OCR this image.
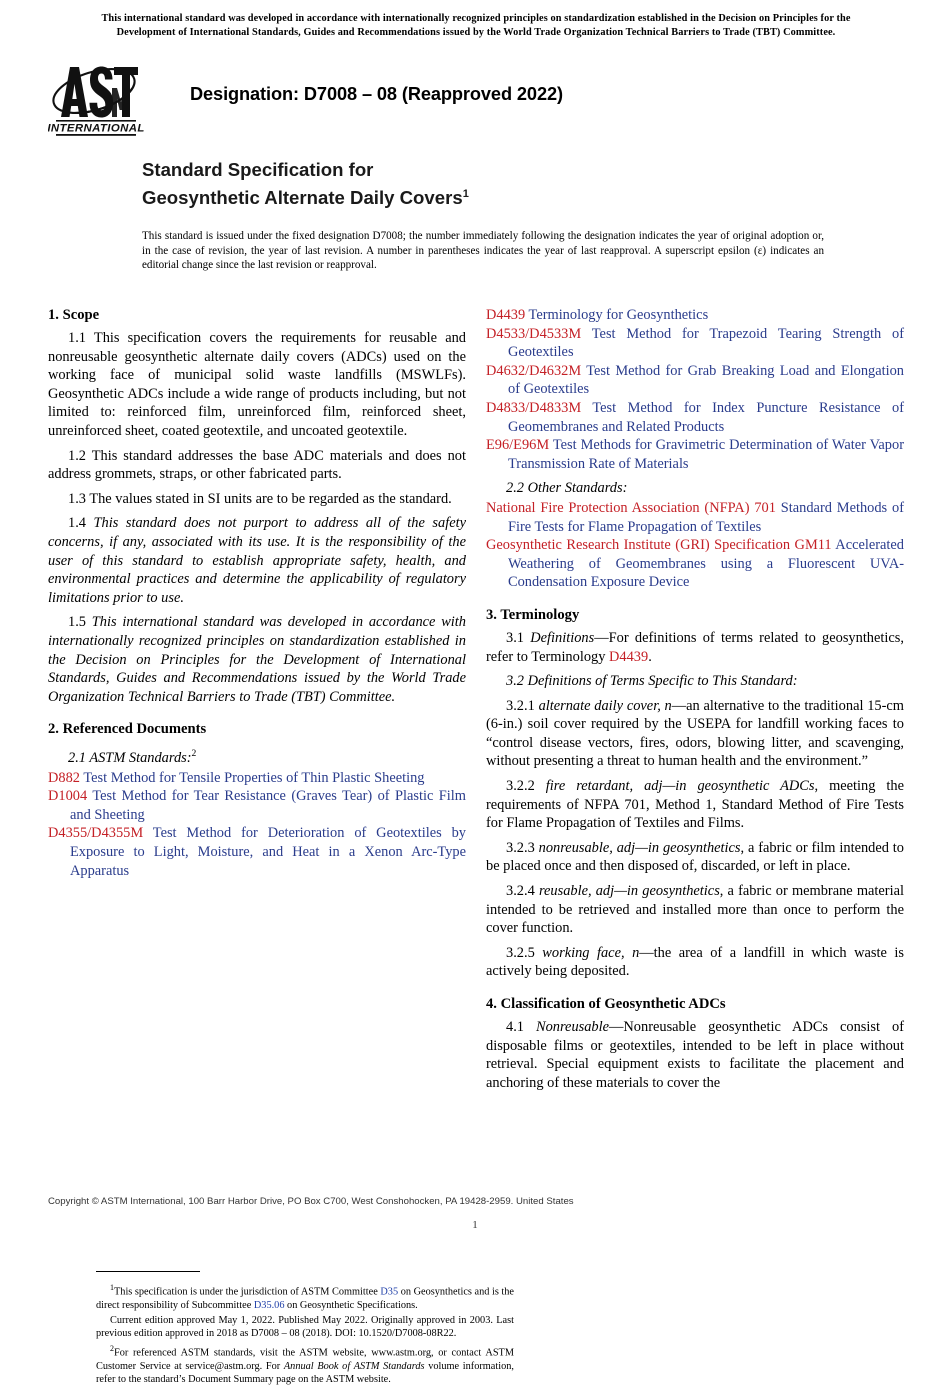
This international standard was developed in accordance with internationally recognized principles on standardization established in the Decision on Principles for the
Development of International Standards, Guides and Recommendations issued by the World Trade Organization Technical Barriers to Trade (TBT) Committee.
INTERNATIONAL
Designation: D7008 – 08 (Reapproved 2022)
Standard Specification for
Geosynthetic Alternate Daily Covers$^1$
This standard is issued under the fixed designation D7008; the number immediately following the designation indicates the year of original adoption or, in the case of revision, the year of last revision. A number in parentheses indicates the year of last reapproval. A superscript epsilon (ε) indicates an editorial change since the last revision or reapproval.
1. Scope

1.1 This specification covers the requirements for reusable and nonreusable geosynthetic alternate daily covers (ADCs) used on the working face of municipal solid waste landfills (MSWLFs). Geosynthetic ADCs include a wide range of products including, but not limited to: reinforced film, unreinforced film, reinforced sheet, unreinforced sheet, coated geotextile, and uncoated geotextile.

1.2 This standard addresses the base ADC materials and does not address grommets, straps, or other fabricated parts.

1.3 The values stated in SI units are to be regarded as the standard.

1.4 This standard does not purport to address all of the safety concerns, if any, associated with its use. It is the responsibility of the user of this standard to establish appropriate safety, health, and environmental practices and determine the applicability of regulatory limitations prior to use.

1.5 This international standard was developed in accordance with internationally recognized principles on standardization established in the Decision on Principles for the Development of International Standards, Guides and Recommendations issued by the World Trade Organization Technical Barriers to Trade (TBT) Committee.

2. Referenced Documents

2.1 ASTM Standards:$^2$

D882 Test Method for Tensile Properties of Thin Plastic Sheeting

D1004 Test Method for Tear Resistance (Graves Tear) of Plastic Film and Sheeting

D4355/D4355M Test Method for Deterioration of Geotextiles by Exposure to Light, Moisture, and Heat in a Xenon Arc-Type Apparatus

$^1$This specification is under the jurisdiction of ASTM Committee D35 on Geosynthetics and is the direct responsibility of Subcommittee D35.06 on Geosynthetic Specifications.

Current edition approved May 1, 2022. Published May 2022. Originally approved in 2003. Last previous edition approved in 2018 as D7008 – 08 (2018). DOI: 10.1520/D7008-08R22.

$^2$For referenced ASTM standards, visit the ASTM website, www.astm.org, or contact ASTM Customer Service at service@astm.org. For Annual Book of ASTM Standards volume information, refer to the standard’s Document Summary page on the ASTM website.

D4439 Terminology for Geosynthetics

D4533/D4533M Test Method for Trapezoid Tearing Strength of Geotextiles

D4632/D4632M Test Method for Grab Breaking Load and Elongation of Geotextiles

D4833/D4833M Test Method for Index Puncture Resistance of Geomembranes and Related Products

E96/E96M Test Methods for Gravimetric Determination of Water Vapor Transmission Rate of Materials

2.2 Other Standards:

National Fire Protection Association (NFPA) 701 Standard Methods of Fire Tests for Flame Propagation of Textiles

Geosynthetic Research Institute (GRI) Specification GM11 Accelerated Weathering of Geomembranes using a Fluorescent UVA-Condensation Exposure Device

3. Terminology

3.1 Definitions—For definitions of terms related to geosynthetics, refer to Terminology D4439.

3.2 Definitions of Terms Specific to This Standard:

3.2.1 alternate daily cover, n—an alternative to the traditional 15-cm (6-in.) soil cover required by the USEPA for landfill working faces to “control disease vectors, fires, odors, blowing litter, and scavenging, without presenting a threat to human health and the environment.”

3.2.2 fire retardant, adj—in geosynthetic ADCs, meeting the requirements of NFPA 701, Method 1, Standard Method of Fire Tests for Flame Propagation of Textiles and Films.

3.2.3 nonreusable, adj—in geosynthetics, a fabric or film intended to be placed once and then disposed of, discarded, or left in place.

3.2.4 reusable, adj—in geosynthetics, a fabric or membrane material intended to be retrieved and installed more than once to perform the cover function.

3.2.5 working face, n—the area of a landfill in which waste is actively being deposited.

4. Classification of Geosynthetic ADCs

4.1 Nonreusable—Nonreusable geosynthetic ADCs consist of disposable films or geotextiles, intended to be left in place without retrieval. Special equipment exists to facilitate the placement and anchoring of these materials to cover the

Copyright © ASTM International, 100 Barr Harbor Drive, PO Box C700, West Conshohocken, PA 19428-2959. United States
1
